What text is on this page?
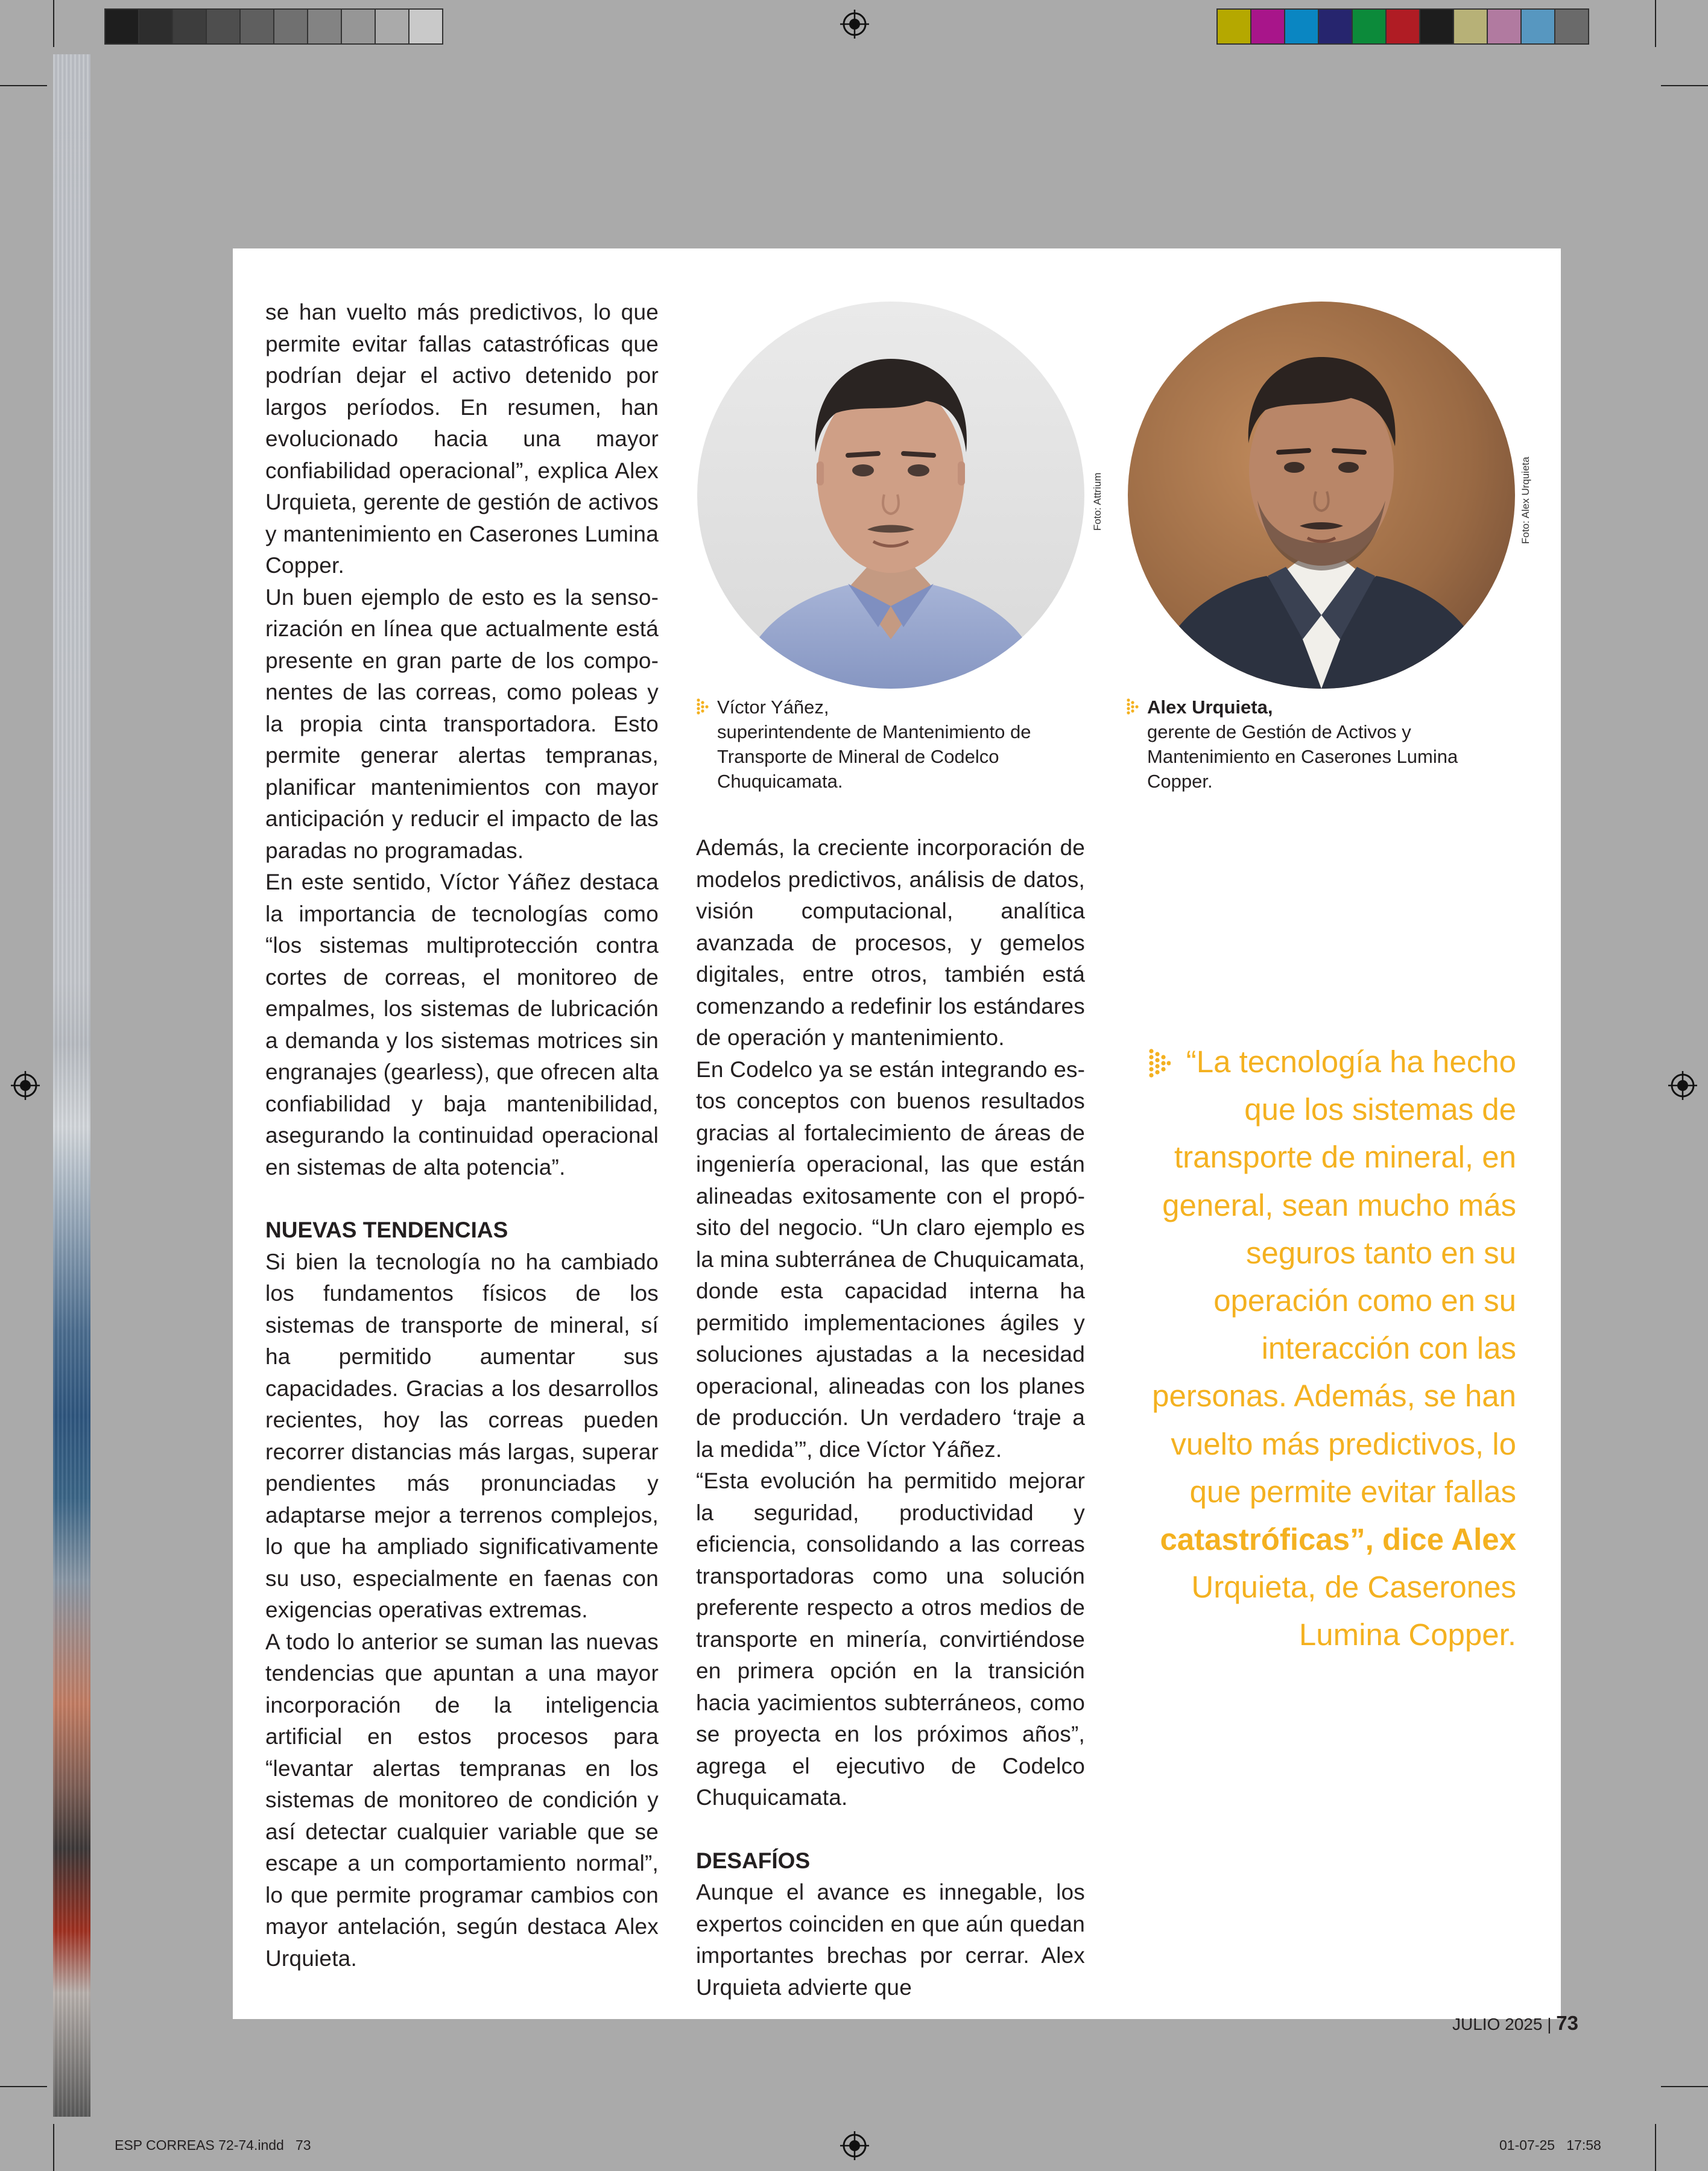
se han vuelto más predictivos, lo que permite evitar fallas catastróficas que podrían dejar el activo detenido por largos períodos. En resumen, han evolucionado hacia una mayor confiabilidad operacional”, explica Alex Urquieta, gerente de gestión de activos y mantenimiento en Caserones Lumina Copper.

Un buen ejemplo de esto es la sensorización en línea que actualmente está presente en gran parte de los componentes de las correas, como poleas y la propia cinta transportadora. Esto permite generar alertas tempranas, planificar mantenimientos con mayor anticipación y reducir el impacto de las paradas no programadas.

En este sentido, Víctor Yáñez destaca la importancia de tecnologías como “los sistemas multiprotección contra cortes de correas, el monitoreo de empalmes, los sistemas de lubricación a demanda y los sistemas motrices sin engranajes (gearless), que ofrecen alta confiabilidad y baja mantenibilidad, asegurando la continuidad operacional en sistemas de alta potencia”.

NUEVAS TENDENCIAS

Si bien la tecnología no ha cambiado los fundamentos físicos de los sistemas de transporte de mineral, sí ha permitido aumentar sus capacidades. Gracias a los desarrollos recientes, hoy las correas pueden recorrer distancias más largas, superar pendientes más pronunciadas y adaptarse mejor a terrenos complejos, lo que ha ampliado significativamente su uso, especialmente en faenas con exigencias operativas extremas.

A todo lo anterior se suman las nuevas tendencias que apuntan a una mayor incorporación de la inteligencia artificial en estos procesos para “levantar alertas tempranas en los sistemas de monitoreo de condición y así detectar cualquier variable que se escape a un comportamiento normal”, lo que permite programar cambios con mayor antelación, según destaca Alex Urquieta.

Foto: Attrium
Víctor Yáñez,
superintendente de Mantenimiento de Transporte de Mineral de Codelco Chuquicamata.
Foto: Alex Urquieta
Alex Urquieta,
gerente de Gestión de Activos y Mantenimiento en Caserones Lumina Copper.

Además, la creciente incorporación de modelos predictivos, análisis de datos, visión computacional, analítica avanzada de procesos, y gemelos digitales, entre otros, también está comenzando a redefinir los estándares de operación y mantenimiento.

En Codelco ya se están integrando estos conceptos con buenos resultados gracias al fortalecimiento de áreas de ingeniería operacional, las que están alineadas exitosamente con el propósito del negocio. “Un claro ejemplo es la mina subterránea de Chuquicamata, donde esta capacidad interna ha permitido implementaciones ágiles y soluciones ajustadas a la necesidad operacional, alineadas con los planes de producción. Un verdadero ‘traje a la medida’”, dice Víctor Yáñez.

“Esta evolución ha permitido mejorar la seguridad, productividad y eficiencia, consolidando a las correas transportadoras como una solución preferente respecto a otros medios de transporte en minería, convirtiéndose en primera opción en la transición hacia yacimientos subterráneos, como se proyecta en los próximos años”, agrega el ejecutivo de Codelco Chuquicamata.

DESAFÍOS

Aunque el avance es innegable, los expertos coinciden en que aún quedan importantes brechas por cerrar. Alex Urquieta advierte que

“La tecnología ha hecho que los sistemas de transporte de mineral, en general, sean mucho más seguros tanto en su operación como en su interacción con las personas. Además, se han vuelto más predictivos, lo que permite evitar fallas catastróficas”, dice Alex Urquieta, de Caserones Lumina Copper.

JULIO 2025 | 73
ESP CORREAS 72-74.indd   73	01-07-25   17:58
